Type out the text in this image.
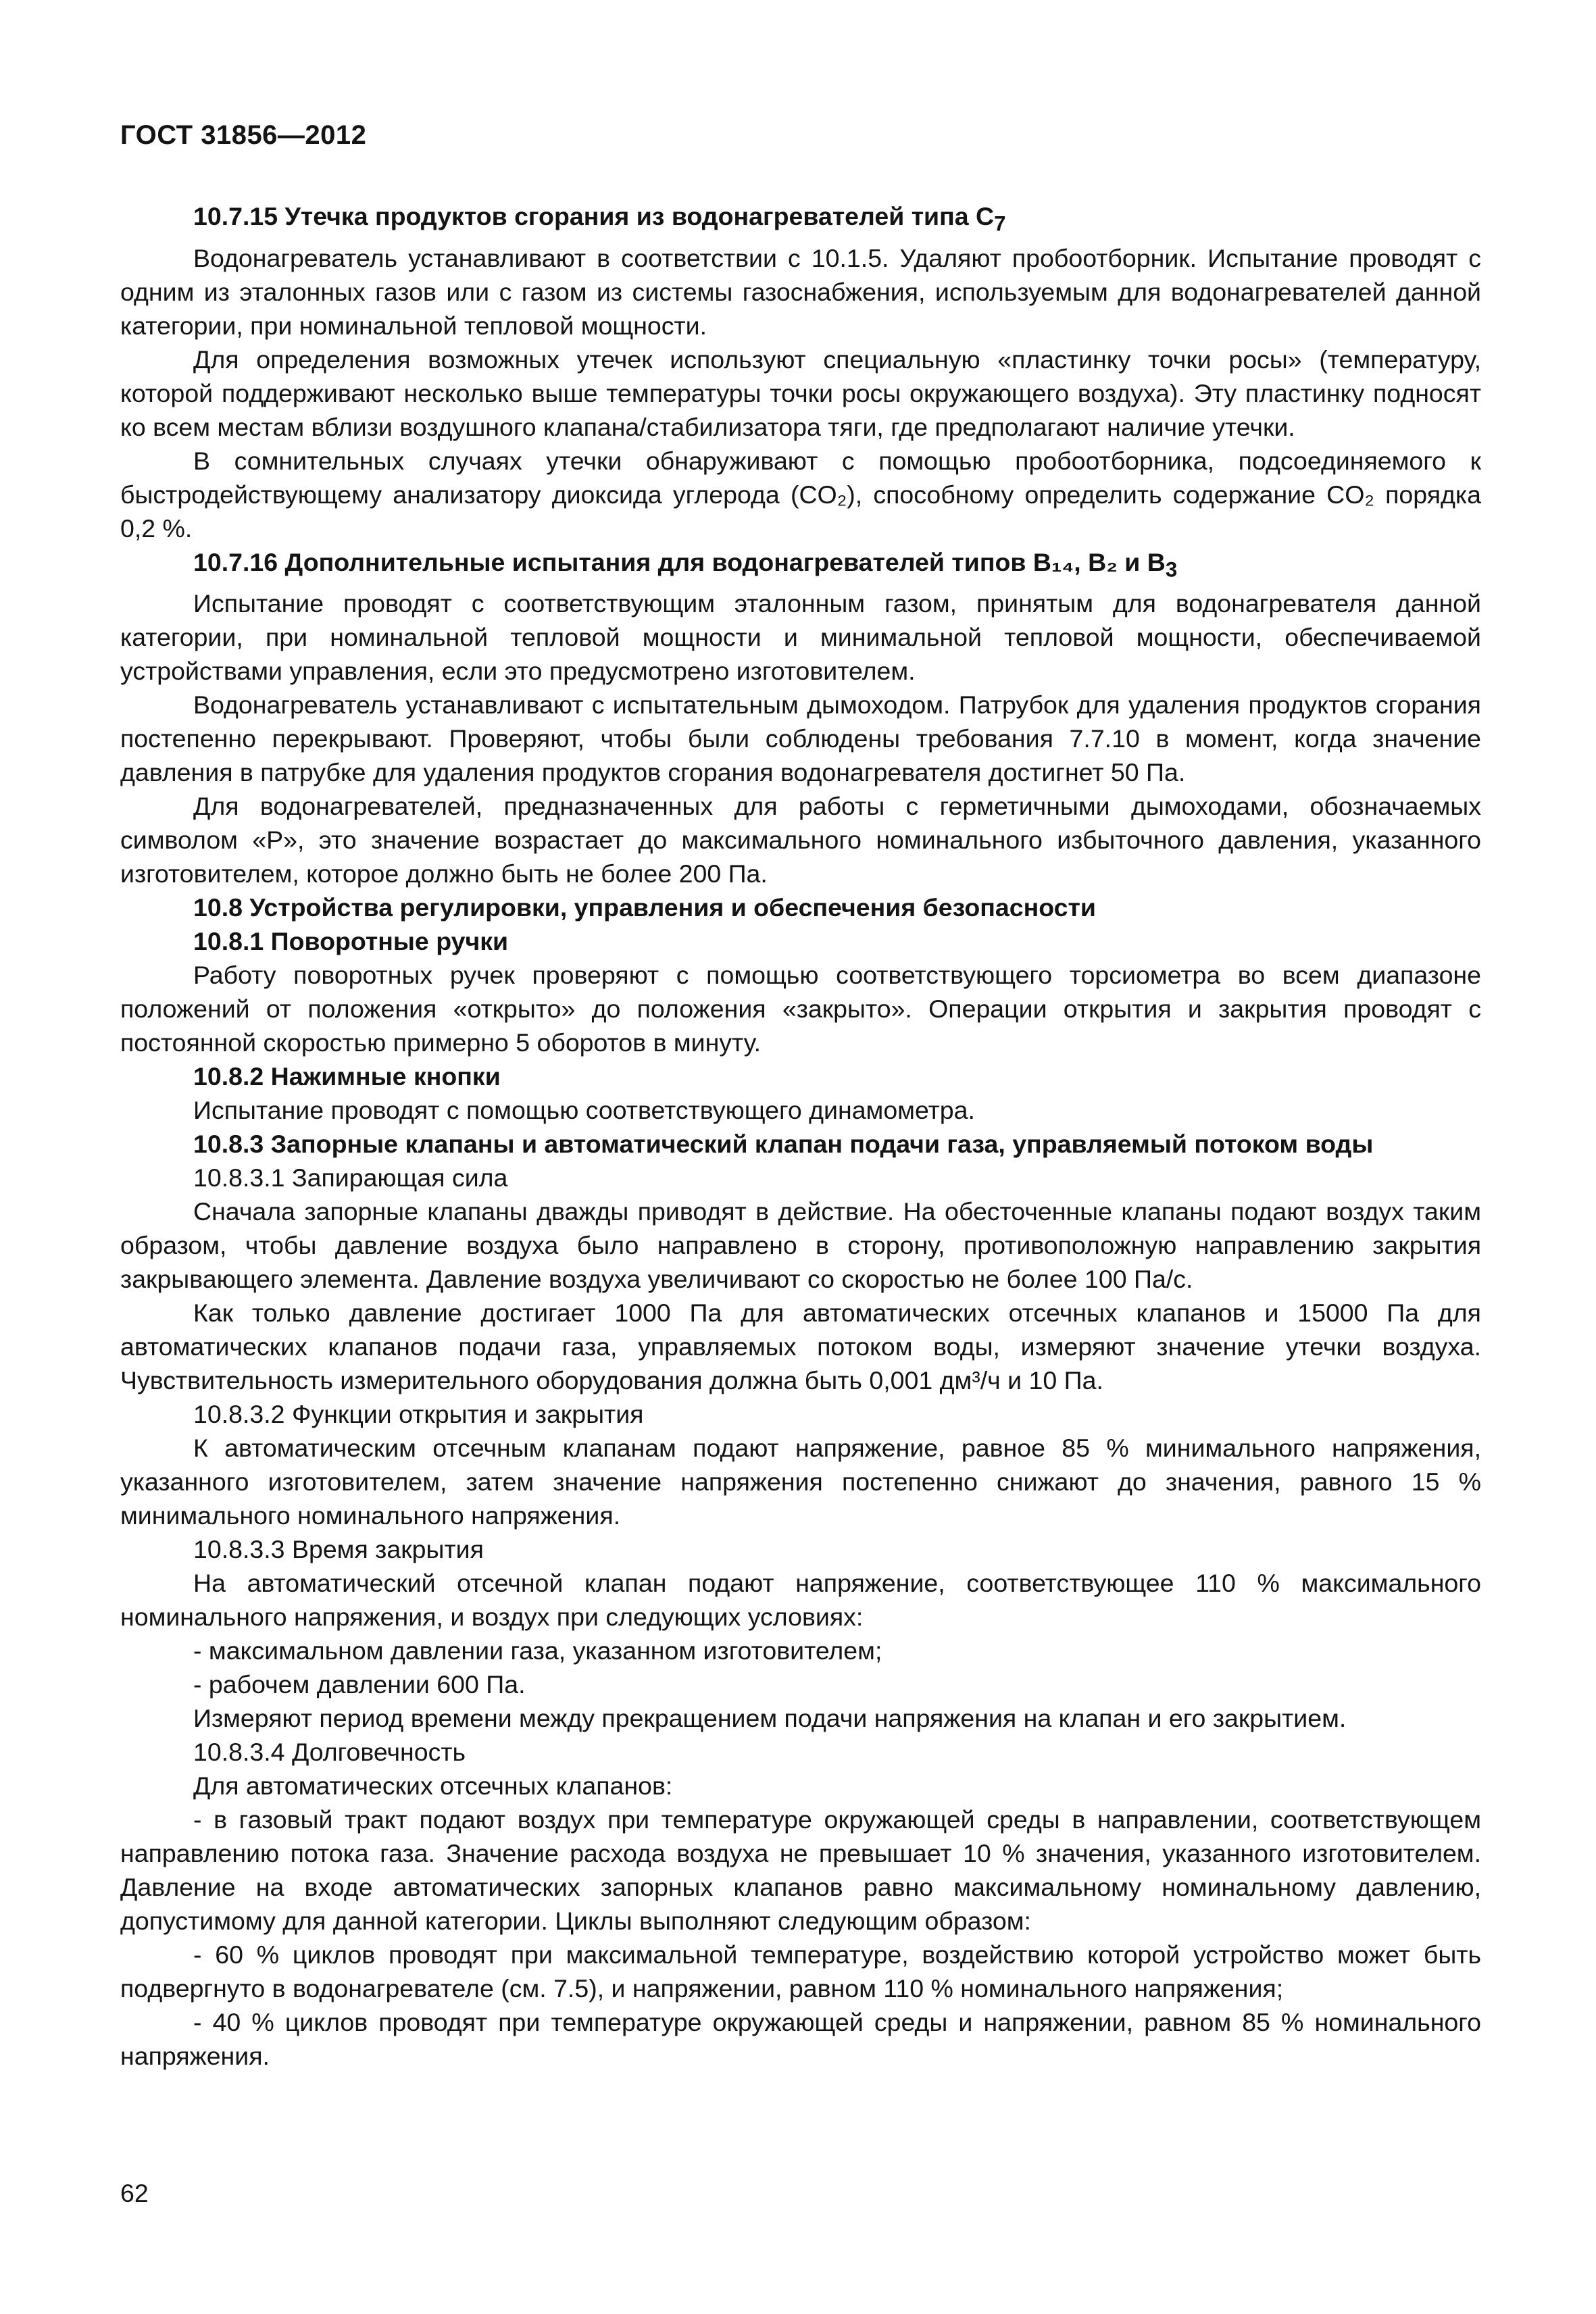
ГОСТ 31856—2012

10.7.15 Утечка продуктов сгорания из водонагревателей типа $C_7$

Водонагреватель устанавливают в соответствии с 10.1.5. Удаляют пробоотборник. Испытание проводят с одним из эталонных газов или с газом из системы газоснабжения, используемым для водонагревателей данной категории, при номинальной тепловой мощности.

Для определения возможных утечек используют специальную «пластинку точки росы» (температуру, которой поддерживают несколько выше температуры точки росы окружающего воздуха). Эту пластинку подносят ко всем местам вблизи воздушного клапана/стабилизатора тяги, где предполагают наличие утечки.

В сомнительных случаях утечки обнаруживают с помощью пробоотборника, подсоединяемого к быстродействующему анализатору диоксида углерода (CO₂), способному определить содержание CO₂ порядка 0,2 %.

10.7.16 Дополнительные испытания для водонагревателей типов B₁₄, B₂ и $B_3$

Испытание проводят с соответствующим эталонным газом, принятым для водонагревателя данной категории, при номинальной тепловой мощности и минимальной тепловой мощности, обеспечиваемой устройствами управления, если это предусмотрено изготовителем.

Водонагреватель устанавливают с испытательным дымоходом. Патрубок для удаления продуктов сгорания постепенно перекрывают. Проверяют, чтобы были соблюдены требования 7.7.10 в момент, когда значение давления в патрубке для удаления продуктов сгорания водонагревателя достигнет 50 Па.

Для водонагревателей, предназначенных для работы с герметичными дымоходами, обозначаемых символом «P», это значение возрастает до максимального номинального избыточного давления, указанного изготовителем, которое должно быть не более 200 Па.

10.8 Устройства регулировки, управления и обеспечения безопасности

10.8.1 Поворотные ручки

Работу поворотных ручек проверяют с помощью соответствующего торсиометра во всем диапазоне положений от положения «открыто» до положения «закрыто». Операции открытия и закрытия проводят с постоянной скоростью примерно 5 оборотов в минуту.

10.8.2 Нажимные кнопки

Испытание проводят с помощью соответствующего динамометра.

10.8.3 Запорные клапаны и автоматический клапан подачи газа, управляемый потоком воды

10.8.3.1 Запирающая сила

Сначала запорные клапаны дважды приводят в действие. На обесточенные клапаны подают воздух таким образом, чтобы давление воздуха было направлено в сторону, противоположную направлению закрытия закрывающего элемента. Давление воздуха увеличивают со скоростью не более 100 Па/с.

Как только давление достигает 1000 Па для автоматических отсечных клапанов и 15000 Па для автоматических клапанов подачи газа, управляемых потоком воды, измеряют значение утечки воздуха. Чувствительность измерительного оборудования должна быть 0,001 дм³/ч и 10 Па.

10.8.3.2 Функции открытия и закрытия

К автоматическим отсечным клапанам подают напряжение, равное 85 % минимального напряжения, указанного изготовителем, затем значение напряжения постепенно снижают до значения, равного 15 % минимального номинального напряжения.

10.8.3.3 Время закрытия

На автоматический отсечной клапан подают напряжение, соответствующее 110 % максимального номинального напряжения, и воздух при следующих условиях:

- максимальном давлении газа, указанном изготовителем;

- рабочем давлении 600 Па.

Измеряют период времени между прекращением подачи напряжения на клапан и его закрытием.

10.8.3.4 Долговечность

Для автоматических отсечных клапанов:

- в газовый тракт подают воздух при температуре окружающей среды в направлении, соответствующем направлению потока газа. Значение расхода воздуха не превышает 10 % значения, указанного изготовителем. Давление на входе автоматических запорных клапанов равно максимальному номинальному давлению, допустимому для данной категории. Циклы выполняют следующим образом:

- 60 % циклов проводят при максимальной температуре, воздействию которой устройство может быть подвергнуто в водонагревателе (см. 7.5), и напряжении, равном 110 % номинального напряжения;

- 40 % циклов проводят при температуре окружающей среды и напряжении, равном 85 % номинального напряжения.

62
